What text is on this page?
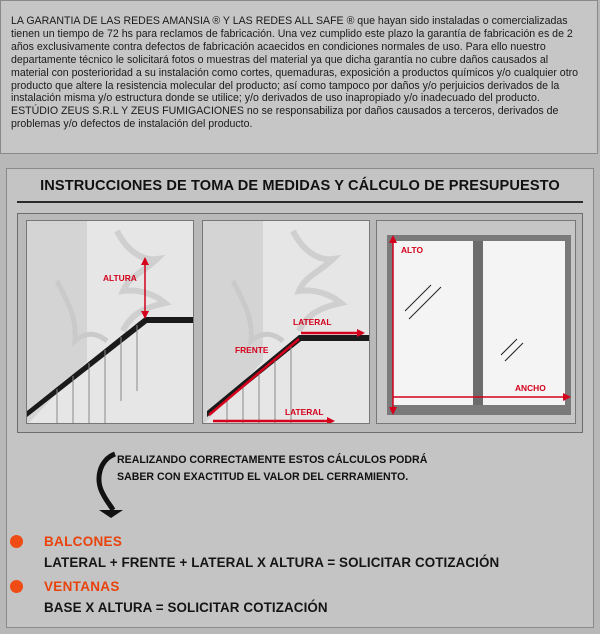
LA GARANTIA DE LAS REDES AMANSIA ® Y LAS REDES ALL SAFE ® que hayan sido instaladas o comercializadas tienen un tiempo de 72 hs para reclamos de fabricación. Una vez cumplido este plazo la garantía de fabricación es de 2 años exclusivamente contra defectos de fabricación acaecidos en condiciones normales de uso. Para ello nuestro departamente técnico le solicitará fotos o muestras del material ya que dicha garantía no cubre daños causados al material con posterioridad a su instalación como cortes, quemaduras, exposición a productos químicos y/o cualquier otro producto que altere la resistencia molecular del producto; así como tampoco por daños y/o perjuicios derivados de la instalación misma y/o estructura donde se utilice; y/o derivados de uso inapropiado y/o inadecuado del producto. ESTÚDIO ZEUS S.R.L Y ZEUS FUMIGACIONES no se responsabiliza por daños causados a terceros, derivados de problemas y/o defectos de instalación del producto.

INSTRUCCIONES DE TOMA DE MEDIDAS Y CÁLCULO DE PRESUPUESTO
ALTURA
LATERAL
FRENTE
LATERAL
ALTO
ANCHO
REALIZANDO CORRECTAMENTE ESTOS CÁLCULOS PODRÁ
SABER CON EXACTITUD EL VALOR DEL CERRAMIENTO.
BALCONES
LATERAL + FRENTE + LATERAL X ALTURA = SOLICITAR COTIZACIÓN
VENTANAS
BASE X ALTURA = SOLICITAR COTIZACIÓN
